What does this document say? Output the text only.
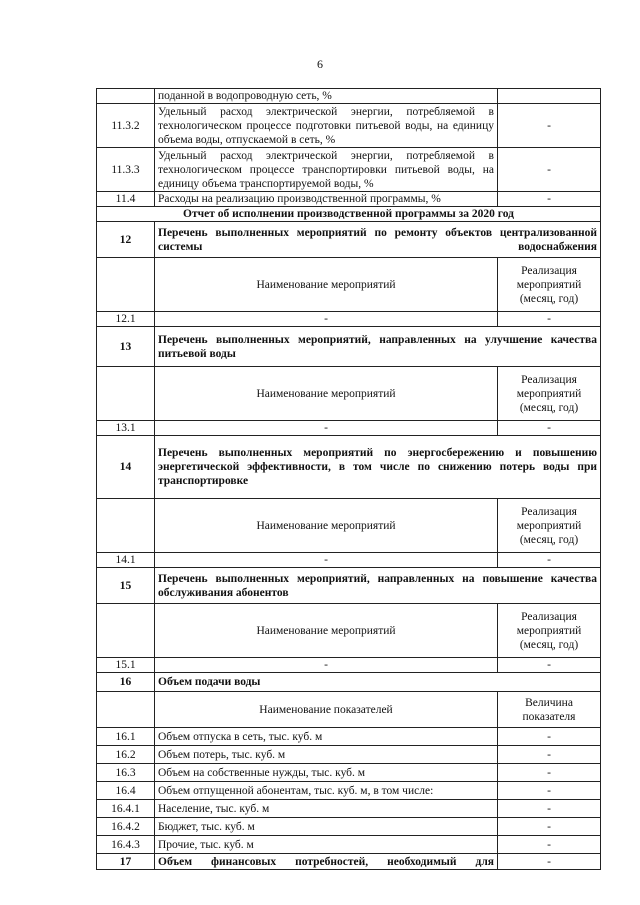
6
	поданной в водопроводную сеть, %	
11.3.2	Удельный расход электрической энергии, потребляемой в технологическом процессе подготовки питьевой воды, на единицу объема воды, отпускаемой в сеть, %	-
11.3.3	Удельный расход электрической энергии, потребляемой в технологическом процессе транспортировки питьевой воды, на единицу объема транспортируемой воды, %	-
11.4	Расходы на реализацию производственной программы, %	-
Отчет об исполнении производственной программы за 2020 год		
12	Перечень выполненных мероприятий по ремонту объектов централизованной системы водоснабжения	
	Наименование мероприятий	Реализация мероприятий (месяц, год)
12.1	-	-
13	Перечень выполненных мероприятий, направленных на улучшение качества питьевой воды	
	Наименование мероприятий	Реализация мероприятий (месяц, год)
13.1	-	-
14	Перечень выполненных мероприятий по энергосбережению и повышению энергетической эффективности, в том числе по снижению потерь воды при транспортировке	
	Наименование мероприятий	Реализация мероприятий (месяц, год)
14.1	-	-
15	Перечень выполненных мероприятий, направленных на повышение качества обслуживания абонентов	
	Наименование мероприятий	Реализация мероприятий (месяц, год)
15.1	-	-
16	Объем подачи воды	
	Наименование показателей	Величина показателя
16.1	Объем отпуска в сеть, тыс. куб. м	-
16.2	Объем потерь, тыс. куб. м	-
16.3	Объем на собственные нужды, тыс. куб. м	-
16.4	Объем отпущенной абонентам, тыс. куб. м, в том числе:	-
16.4.1	Население, тыс. куб. м	-
16.4.2	Бюджет, тыс. куб. м	-
16.4.3	Прочие, тыс. куб. м	-
17	Объем финансовых потребностей, необходимый для	-
